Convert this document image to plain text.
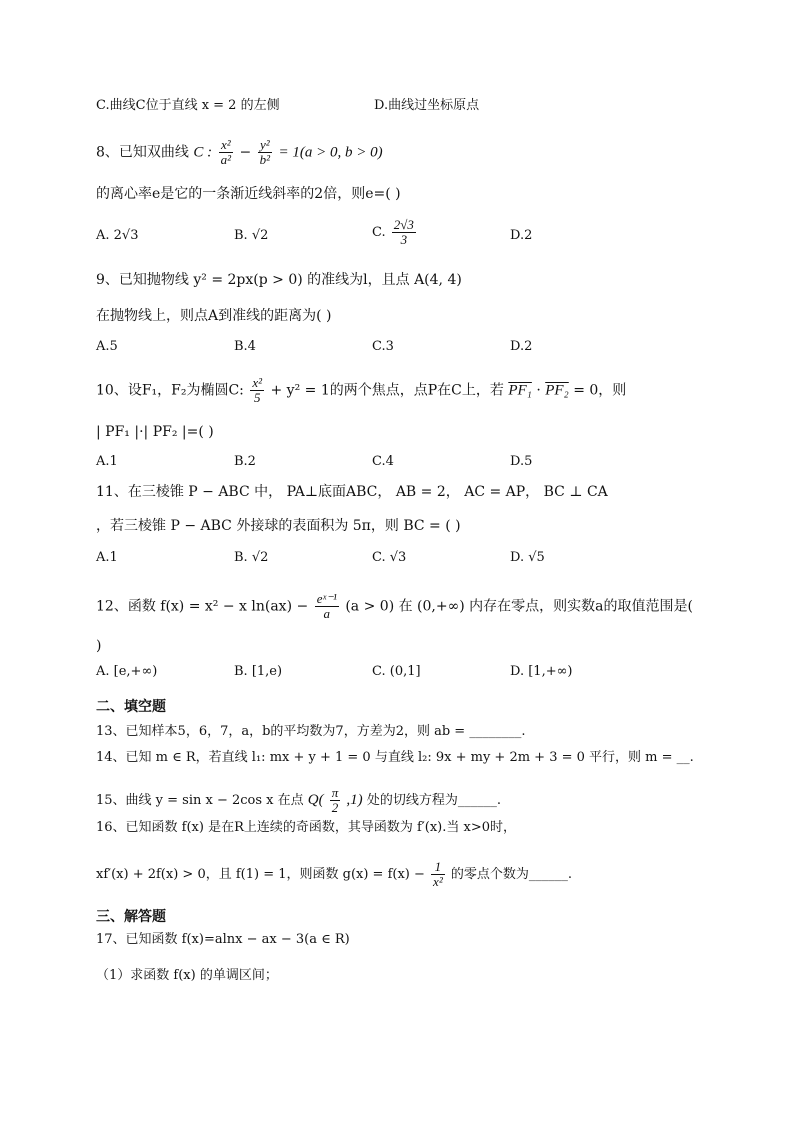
C.曲线C位于直线 x = 2 的左侧	D.曲线过坐标原点
8、已知双曲线 C : $\frac{\text{x²}}{\text{a²}} - \frac{\text{y²}}{\text{b²}} = 1(a > 0$, b > 0)
的离心率e是它的一条渐近线斜率的2倍，则e=( )
A. 2√3	B. √2	C. $\frac{2√3}{3}$	D.2
9、已知抛物线 y² = 2px(p > 0) 的准线为l，且点 A(4, 4)
在抛物线上，则点A到准线的距离为( )
A.5	B.4	C.3	D.2
10、设F₁，F₂为椭圆C: $\frac{\text{x²}}{5} + y^2 = 1$的两个焦点，点P在C上，若 PF₁ · PF₂ = 0，则
| PF₁ |·| PF₂ |=( )
A.1	B.2	C.4	D.5
11、在三棱锥 P − ABC 中， PA⊥底面ABC， AB = 2， AC = AP， BC ⊥ CA
，若三棱锥 P − ABC 外接球的表面积为 5π，则 BC = ( )
A.1	B. √2	C. √3	D. √5
12、函数 f(x) = x² − x $\ln(ax) - \frac{\text{eˣ⁻¹}}{a} (a > 0)$ 在 (0,+∞) 内存在零点，则实数a的取值范围是(
)
A. [e,+∞)	B. [1,e)	C. (0,1]	D. [1,+∞)
二、填空题
13、已知样本5，6，7，a，b的平均数为7，方差为2，则 ab = ________.
14、已知 m ∈ R，若直线 l₁: mx + y + 1 = 0 与直线 l₂: 9x + my + 2m + 3 = 0 平行，则 m = __.
15、曲线 y = sin x − 2cos x 在点 $Q( \frac{\pi}{2} ,1)$ 处的切线方程为______.
16、已知函数 f(x) 是在R上连续的奇函数，其导函数为 f′(x).当 x>0时，
xf′(x) + 2f(x) > 0，且 f(1) = 1，则函数 $g(x) = f(x) - \frac{1}{\text{x²}}$ 的零点个数为______.
三、解答题
17、已知函数 f(x)=alnx − ax − 3(a ∈ R)
（1）求函数 f(x) 的单调区间；
